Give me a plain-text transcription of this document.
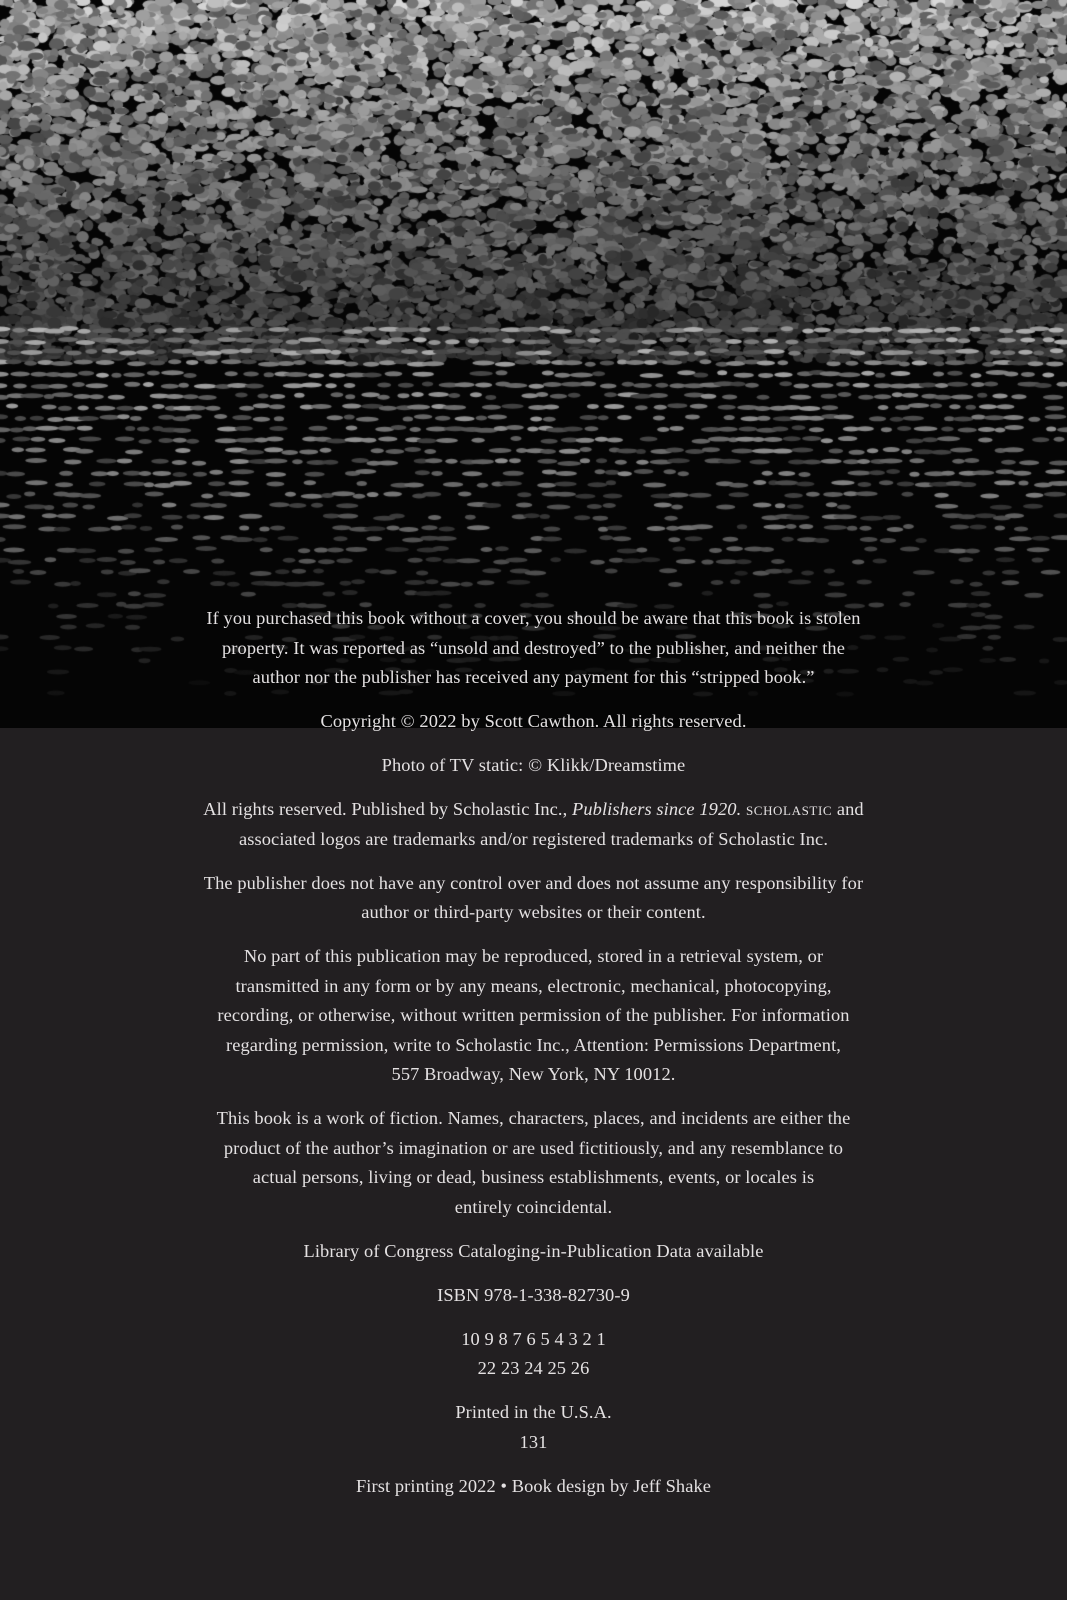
If you purchased this book without a cover, you should be aware that this book is stolen
property. It was reported as “unsold and destroyed” to the publisher, and neither the
author nor the publisher has received any payment for this “stripped book.”

Copyright © 2022 by Scott Cawthon. All rights reserved.

Photo of TV static: © Klikk/Dreamstime

All rights reserved. Published by Scholastic Inc., Publishers since 1920. scholastic and
associated logos are trademarks and/or registered trademarks of Scholastic Inc.

The publisher does not have any control over and does not assume any responsibility for
author or third-party websites or their content.

No part of this publication may be reproduced, stored in a retrieval system, or
transmitted in any form or by any means, electronic, mechanical, photocopying,
recording, or otherwise, without written permission of the publisher. For information
regarding permission, write to Scholastic Inc., Attention: Permissions Department,
557 Broadway, New York, NY 10012.

This book is a work of fiction. Names, characters, places, and incidents are either the
product of the author’s imagination or are used fictitiously, and any resemblance to
actual persons, living or dead, business establishments, events, or locales is
entirely coincidental.

Library of Congress Cataloging-in-Publication Data available

ISBN 978-1-338-82730-9

10 9 8 7 6 5 4 3 2 1
22 23 24 25 26

Printed in the U.S.A.
131

First printing 2022 • Book design by Jeff Shake
